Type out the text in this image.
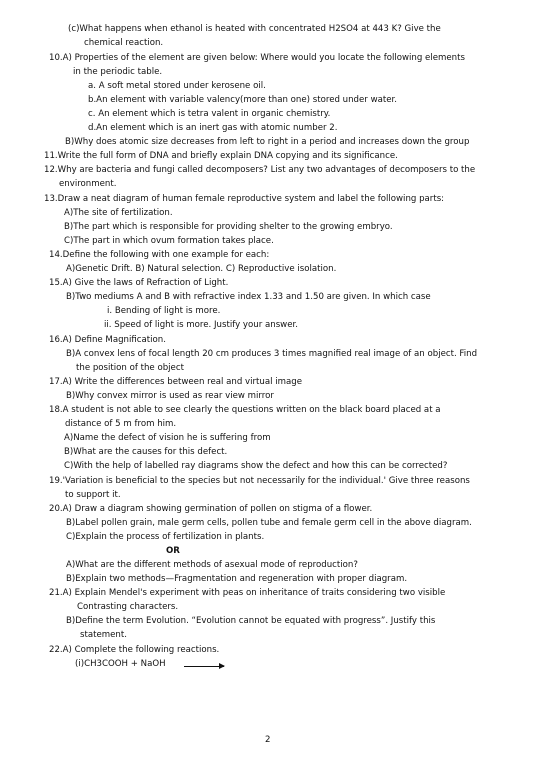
(c)What happens when ethanol is heated with concentrated H2SO4 at 443 K? Give the
chemical reaction.
10.A) Properties of the element are given below: Where would you locate the following elements
in the periodic table.
a. A soft metal stored under kerosene oil.
b.An element with variable valency(more than one) stored under water.
c. An element which is tetra valent in organic chemistry.
d.An element which is an inert gas with atomic number 2.
B)Why does atomic size decreases from left to right in a period and increases down the group
11.Write the full form of DNA and briefly explain DNA copying and its significance.
12.Why are bacteria and fungi called decomposers? List any two advantages of decomposers to the
environment.
13.Draw a neat diagram of human female reproductive system and label the following parts:
A)The site of fertilization.
B)The part which is responsible for providing shelter to the growing embryo.
C)The part in which ovum formation takes place.
14.Define the following with one example for each:
A)Genetic Drift. B) Natural selection. C) Reproductive isolation.
15.A) Give the laws of Refraction of Light.
B)Two mediums A and B with refractive index 1.33 and 1.50 are given. In which case
i. Bending of light is more.
ii. Speed of light is more. Justify your answer.
16.A) Define Magnification.
B)A convex lens of focal length 20 cm produces 3 times magnified real image of an object. Find
the position of the object
17.A) Write the differences between real and virtual image
B)Why convex mirror is used as rear view mirror
18.A student is not able to see clearly the questions written on the black board placed at a
distance of 5 m from him.
A)Name the defect of vision he is suffering from
B)What are the causes for this defect.
C)With the help of labelled ray diagrams show the defect and how this can be corrected?
19.'Variation is beneficial to the species but not necessarily for the individual.' Give three reasons
to support it.
20.A) Draw a diagram showing germination of pollen on stigma of a flower.
B)Label pollen grain, male germ cells, pollen tube and female germ cell in the above diagram.
C)Explain the process of fertilization in plants.
OR
A)What are the different methods of asexual mode of reproduction?
B)Explain two methods—Fragmentation and regeneration with proper diagram.
21.A) Explain Mendel's experiment with peas on inheritance of traits considering two visible
Contrasting characters.
B)Define the term Evolution. “Evolution cannot be equated with progress”. Justify this
statement.
22.A) Complete the following reactions.
(i)CH3COOH + NaOH
2
